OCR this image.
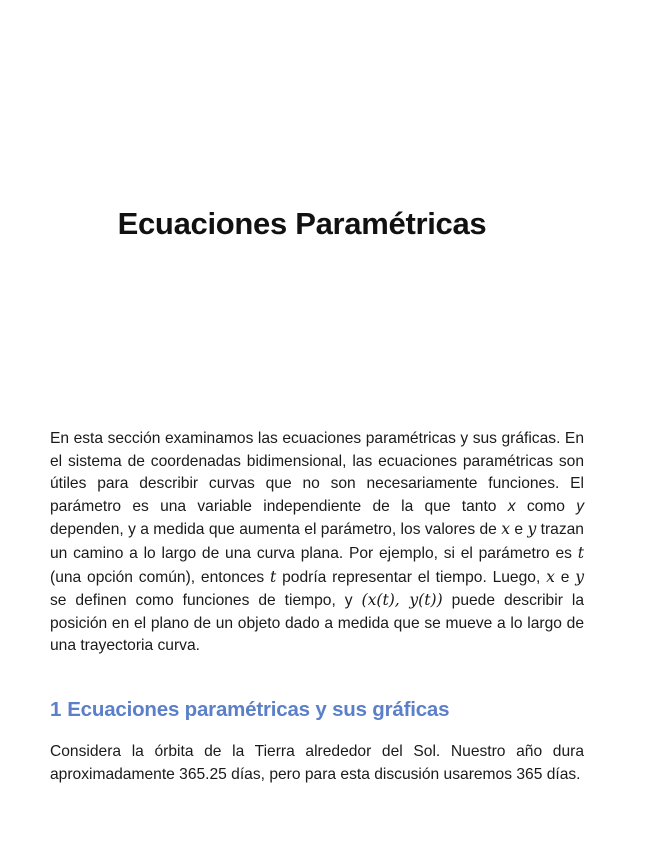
Ecuaciones Paramétricas

En esta sección examinamos las ecuaciones paramétricas y sus gráficas. En el sistema de coordenadas bidimensional, las ecuaciones paramétricas son útiles para describir curvas que no son necesariamente funciones. El parámetro es una variable independiente de la que tanto x como y dependen, y a medida que aumenta el parámetro, los valores de x e y trazan un camino a lo largo de una curva plana. Por ejemplo, si el parámetro es t (una opción común), entonces t podría representar el tiempo. Luego, x e y se definen como funciones de tiempo, y (x(t), y(t)) puede describir la posición en el plano de un objeto dado a medida que se mueve a lo largo de una trayectoria curva.

1 Ecuaciones paramétricas y sus gráficas

Considera la órbita de la Tierra alrededor del Sol. Nuestro año dura aproximadamente 365.25 días, pero para esta discusión usaremos 365 días.
